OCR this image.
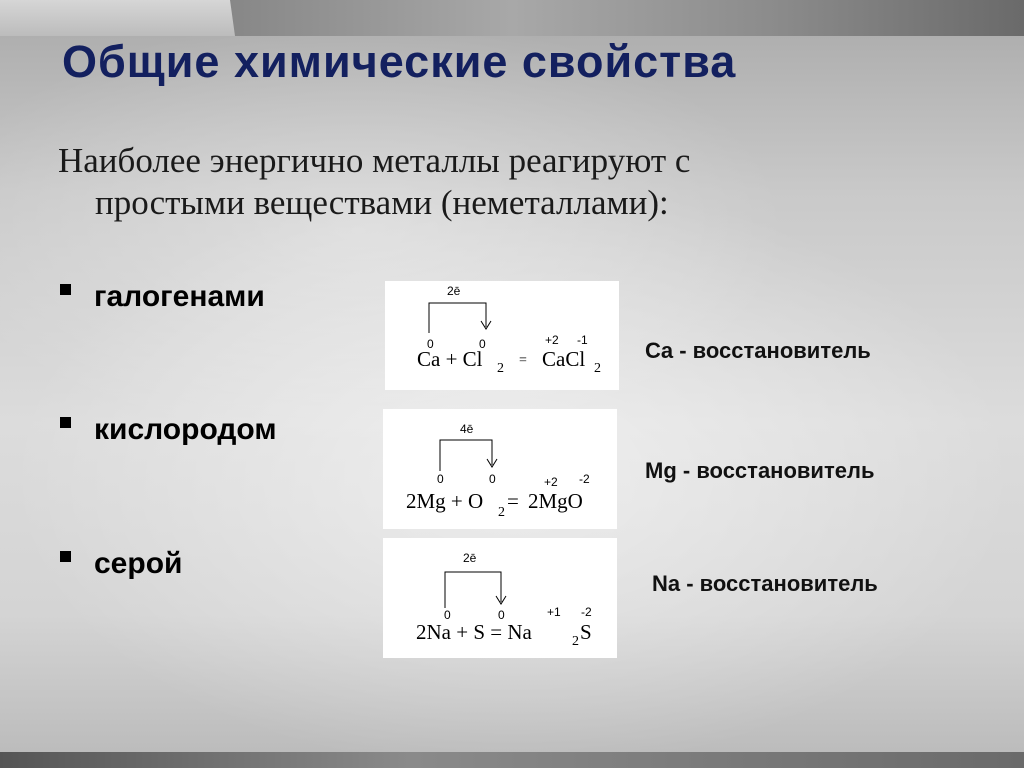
Общие химические свойства
Наиболее энергично металлы реагируют с
простыми веществами (неметаллами):
галогенами
кислородом
серой
2ē
0	0	+2 -1
Ca + Cl 2
= CaCl 2
4ē
0	0	+2 -2
2Mg + O 2 = 2MgO
2ē
0	0	+1 -2
2Na + S = Na	2 S
Ca - восстановитель
Mg - восстановитель
Na - восстановитель
